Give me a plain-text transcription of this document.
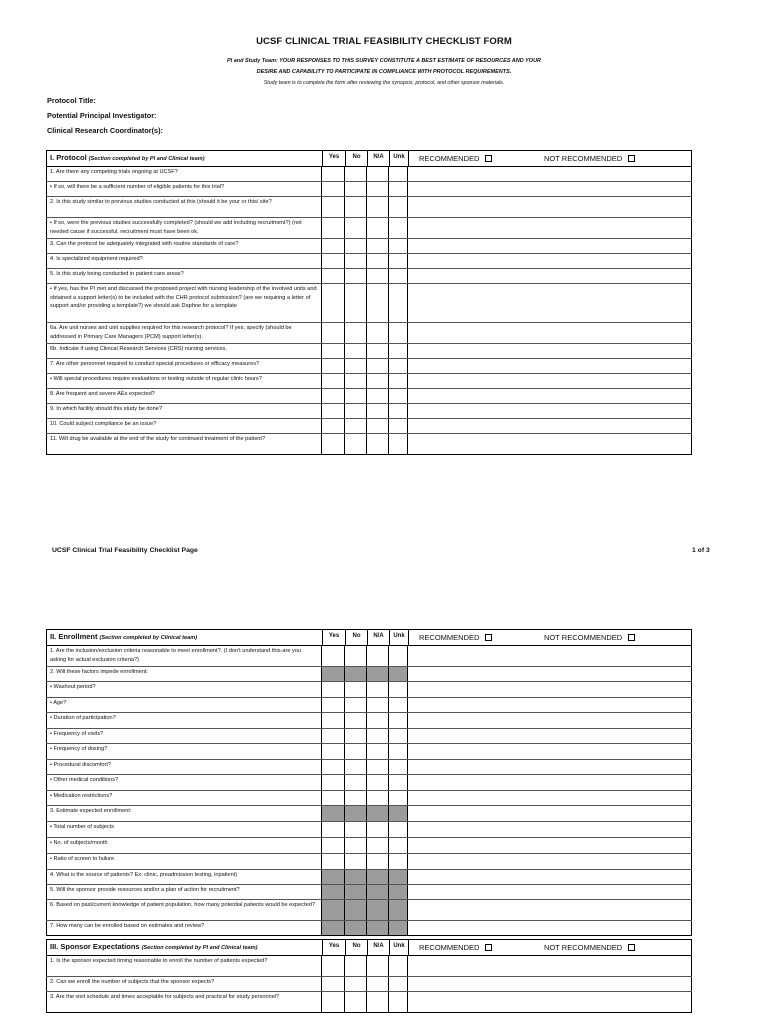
UCSF CLINICAL TRIAL FEASIBILITY CHECKLIST FORM
PI and Study Team: YOUR RESPONSES TO THIS SURVEY CONSTITUTE A BEST ESTIMATE OF RESOURCES AND YOUR
DESIRE AND CAPABILITY TO PARTICIPATE IN COMPLIANCE WITH PROTOCOL REQUIREMENTS.
Study team is to complete the form after reviewing the synopsis, protocol, and other sponsor materials.
Protocol Title:
Potential Principal Investigator:
Clinical Research Coordinator(s):
UCSF Clinical Trial Feasibility Checklist Page	1 of 3
I. Protocol (Section completed by PI and Clinical team)	Yes	No	N/A	Unk	RECOMMENDED	NOT RECOMMENDED
1. Are there any competing trials ongoing at UCSF?
• If so, will there be a sufficient number of eligible patients for this trial?
2. Is this study similar to previous studies conducted at this (should it be your or this/ site?
• If so, were the previous studies successfully completed? (should we add including recruitment?) (not needed cause if successful, recruitment must have been ok.
3. Can the protocol be adequately integrated with routine standards of care?
4. Is specialized equipment required?
5. Is this study being conducted in patient care areas?
• If yes, has the PI met and discussed the proposed project with nursing leadership of the involved units and obtained a support letter(s) to be included with the CHR protocol submission? (are we requiring a letter of support and/or providing a template?) we should ask Daphne for a template
6a. Are unit nurses and unit supplies required for this research protocol? If yes, specify (should be addressed in Primary Care Managers (PCM) support letter(s).
6b. Indicate if using Clinical Research Services (CRS) nursing services.
7. Are other personnel required to conduct special procedures or efficacy measures?
• Will special procedures require evaluations or testing outside of regular clinic hours?
8. Are frequent and severe AEs expected?
9. In which facility should this study be done?
10. Could subject compliance be an issue?
11. Will drug be available at the end of the study for continued treatment of the patient?
II. Enrollment (Section completed by Clinical team)	Yes	No	N/A	Unk	RECOMMENDED	NOT RECOMMENDED
1. Are the inclusion/exclusion criteria reasonable to meet enrollment?. (I don't understand this-are you asking for actual exclusion criteria?)
2. Will these factors impede enrollment:
• Washout period?
• Age?
• Duration of participation?
• Frequency of visits?
• Frequency of dosing?
• Procedural discomfort?
• Other medical conditions?
• Medication restrictions?
3. Estimate expected enrollment:
• Total number of subjects
• No. of subjects/month
• Ratio of screen to failure
4. What is the source of patients? Ex: clinic, preadmission testing, inpatient)
5. Will the sponsor provide resources and/or a plan of action for recruitment?
6. Based on past/current knowledge of patient population, how many potential patients would be expected?
7. How many can be enrolled based on estimates and review?
III. Sponsor Expectations (Section completed by PI and Clinical team)	Yes	No	N/A	Unk	RECOMMENDED	NOT RECOMMENDED
1. Is the sponsor expected timing reasonable to enroll the number of patients expected?
2. Can we enroll the number of subjects that the sponsor expects?
3. Are the visit schedule and times acceptable for subjects and practical for study personnel?
